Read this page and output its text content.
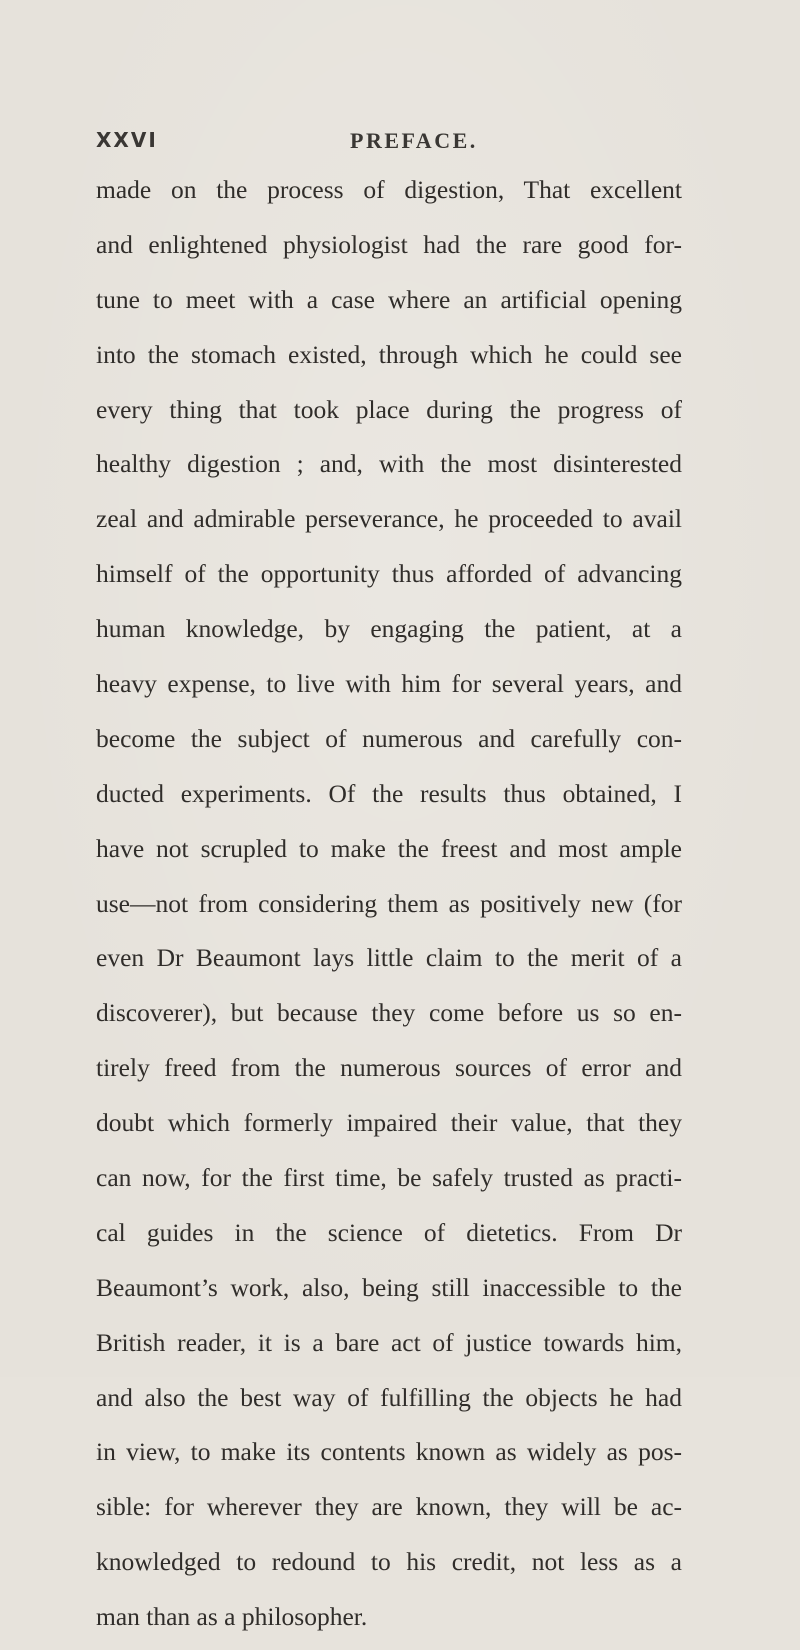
XXVI	PREFACE.
made on the process of digestion, That excellent
and enlightened physiologist had the rare good for-
tune to meet with a case where an artificial opening
into the stomach existed, through which he could see
every thing that took place during the progress of
healthy digestion ; and, with the most disinterested
zeal and admirable perseverance, he proceeded to avail
himself of the opportunity thus afforded of advancing
human knowledge, by engaging the patient, at a
heavy expense, to live with him for several years, and
become the subject of numerous and carefully con-
ducted experiments. Of the results thus obtained, I
have not scrupled to make the freest and most ample
use—not from considering them as positively new (for
even Dr Beaumont lays little claim to the merit of a
discoverer), but because they come before us so en-
tirely freed from the numerous sources of error and
doubt which formerly impaired their value, that they
can now, for the first time, be safely trusted as practi-
cal guides in the science of dietetics. From Dr
Beaumont’s work, also, being still inaccessible to the
British reader, it is a bare act of justice towards him,
and also the best way of fulfilling the objects he had
in view, to make its contents known as widely as pos-
sible: for wherever they are known, they will be ac-
knowledged to redound to his credit, not less as a
man than as a philosopher.
